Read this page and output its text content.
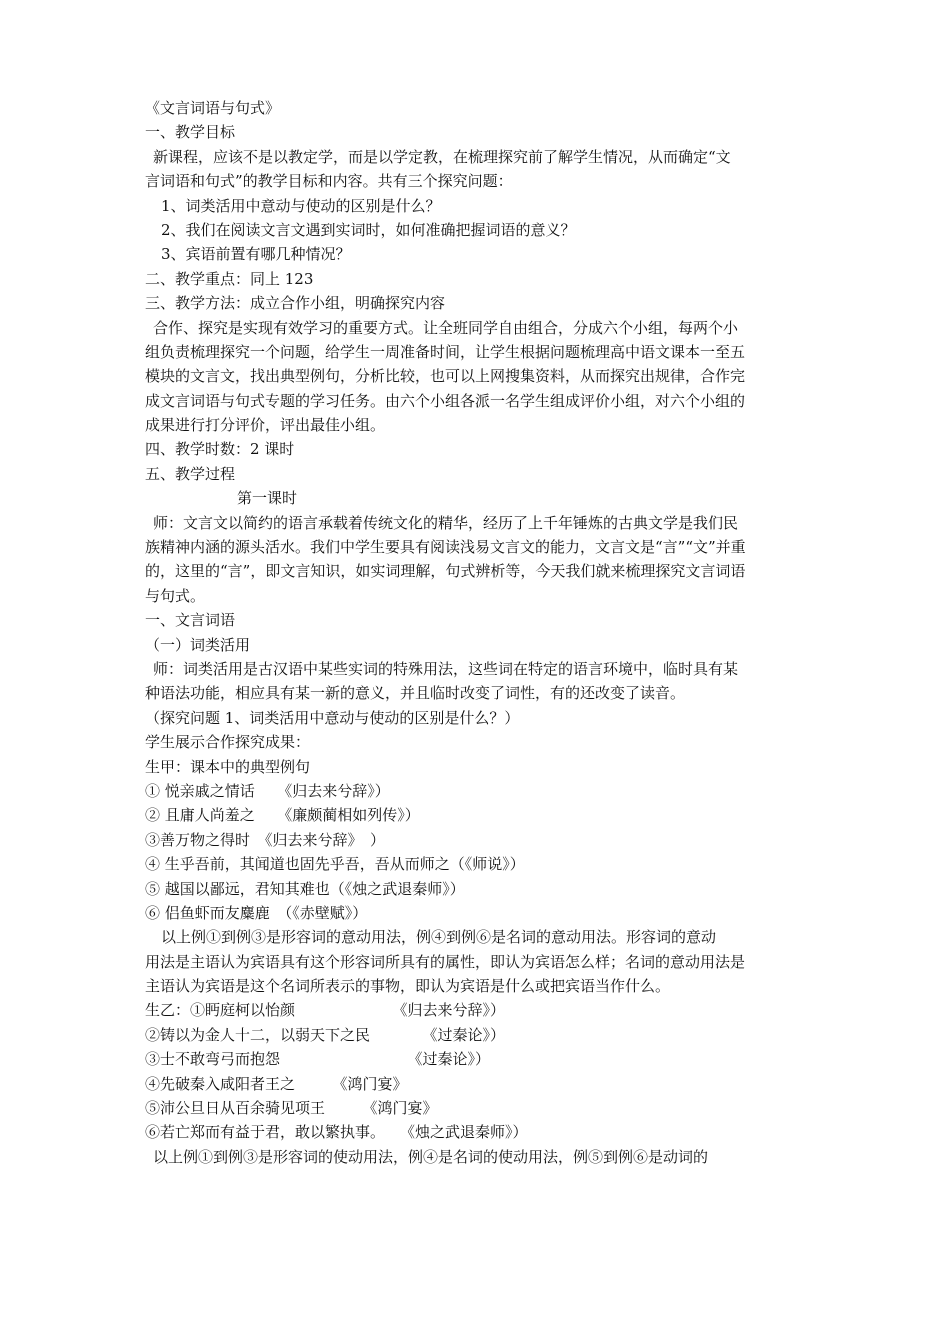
《文言词语与句式》
一、教学目标
新课程，应该不是以教定学，而是以学定教，在梳理探究前了解学生情况，从而确定“文
言词语和句式”的教学目标和内容。共有三个探究问题：
1、词类活用中意动与使动的区别是什么？
2、我们在阅读文言文遇到实词时，如何准确把握词语的意义？
3、宾语前置有哪几种情况？
二、教学重点：同上 123
三、教学方法：成立合作小组，明确探究内容
合作、探究是实现有效学习的重要方式。让全班同学自由组合，分成六个小组，每两个小
组负责梳理探究一个问题，给学生一周准备时间，让学生根据问题梳理高中语文课本一至五
模块的文言文，找出典型例句，分析比较，也可以上网搜集资料，从而探究出规律，合作完
成文言词语与句式专题的学习任务。由六个小组各派一名学生组成评价小组，对六个小组的
成果进行打分评价，评出最佳小组。
四、教学时数：2 课时
五、教学过程
第一课时
师：文言文以简约的语言承载着传统文化的精华，经历了上千年锤炼的古典文学是我们民
族精神内涵的源头活水。我们中学生要具有阅读浅易文言文的能力，文言文是“言”“文”并重
的，这里的“言”，即文言知识，如实词理解，句式辨析等，今天我们就来梳理探究文言词语
与句式。
一、文言词语
（一）词类活用
师：词类活用是古汉语中某些实词的特殊用法，这些词在特定的语言环境中，临时具有某
种语法功能，相应具有某一新的意义，并且临时改变了词性，有的还改变了读音。
（探究问题 1、词类活用中意动与使动的区别是什么？）
学生展示合作探究成果：
生甲：课本中的典型例句
① 悦亲戚之情话　　《归去来兮辞》）
② 且庸人尚羞之　　《廉颇蔺相如列传》）
③善万物之得时　《归去来兮辞》　）
④ 生乎吾前，其闻道也固先乎吾，吾从而师之（《师说》）
⑤ 越国以鄙远，君知其难也（《烛之武退秦师》）
⑥ 侣鱼虾而友麋鹿　（《赤壁赋》）
以上例①到例③是形容词的意动用法，例④到例⑥是名词的意动用法。形容词的意动
用法是主语认为宾语具有这个形容词所具有的属性，即认为宾语怎么样；名词的意动用法是
主语认为宾语是这个名词所表示的事物，即认为宾语是什么或把宾语当作什么。
生乙：①眄庭柯以怡颜　　　　　　　《归去来兮辞》）
②铸以为金人十二，以弱天下之民　　　　《过秦论》）
③士不敢弯弓而抱怨　　　　　　　　　《过秦论》）
④先破秦入咸阳者王之　　　《鸿门宴》
⑤沛公旦日从百余骑见项王　　　《鸿门宴》
⑥若亡郑而有益于君，敢以繁执事。　　《烛之武退秦师》）
以上例①到例③是形容词的使动用法，例④是名词的使动用法，例⑤到例⑥是动词的
